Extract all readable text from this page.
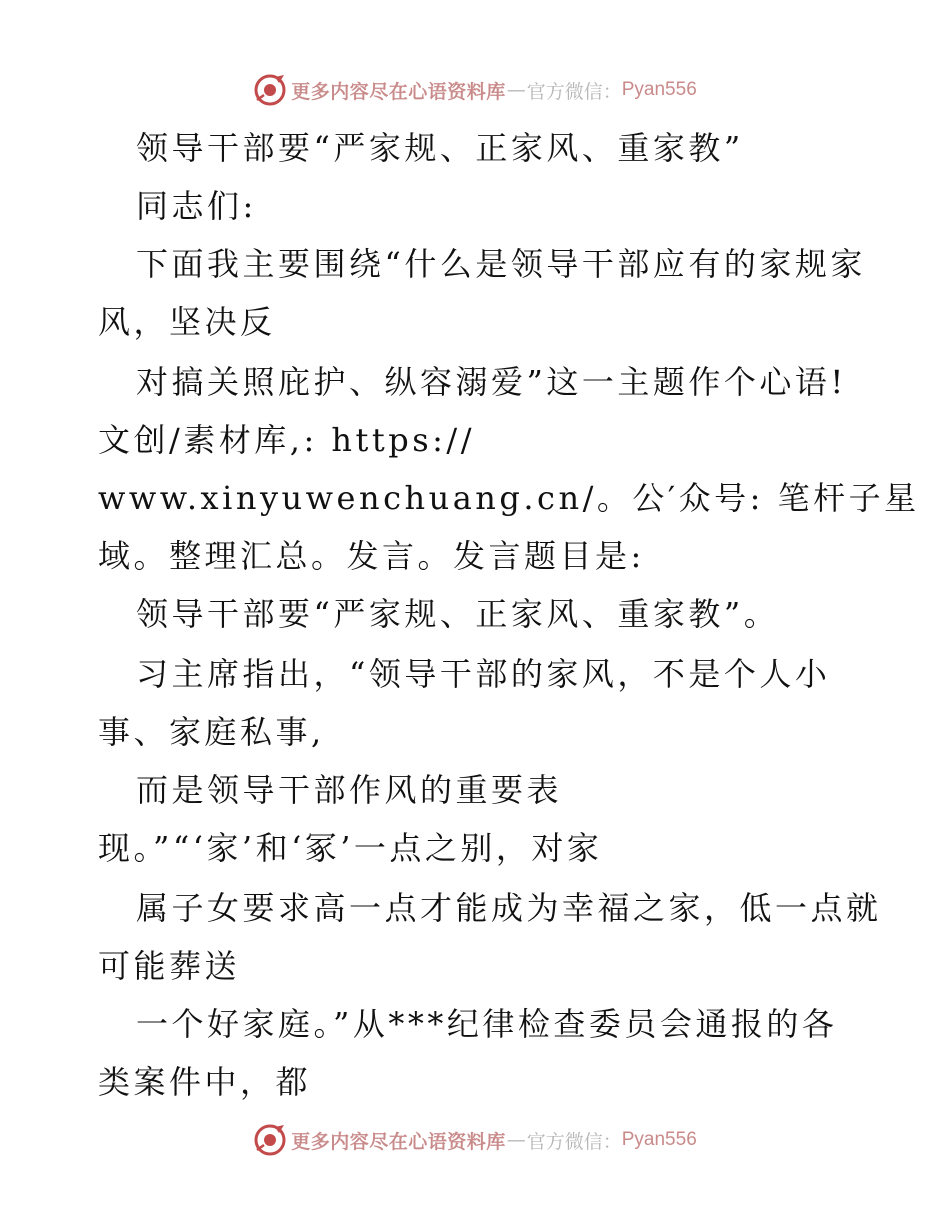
更多内容尽在心语资料库 — 官方微信： Pyan556
领导干部要“严家规、正家风、重家教”
同志们:
下面我主要围绕“什么是领导干部应有的家规家
风，坚决反
对搞关照庇护、纵容溺爱”这一主题作个心语!
文创/素材库,: https://
www.xinyuwenchuang.cn/。公′众号: 笔杆子星
域。整理汇总。发言。发言题目是:
领导干部要“严家规、正家风、重家教”。
习主席指出，“领导干部的家风，不是个人小
事、家庭私事,
而是领导干部作风的重要表
现。”“‘家’和‘冢’一点之别，对家
属子女要求高一点才能成为幸福之家，低一点就
可能葬送
一个好家庭。”从***纪律检查委员会通报的各
类案件中，都
更多内容尽在心语资料库 — 官方微信： Pyan556
